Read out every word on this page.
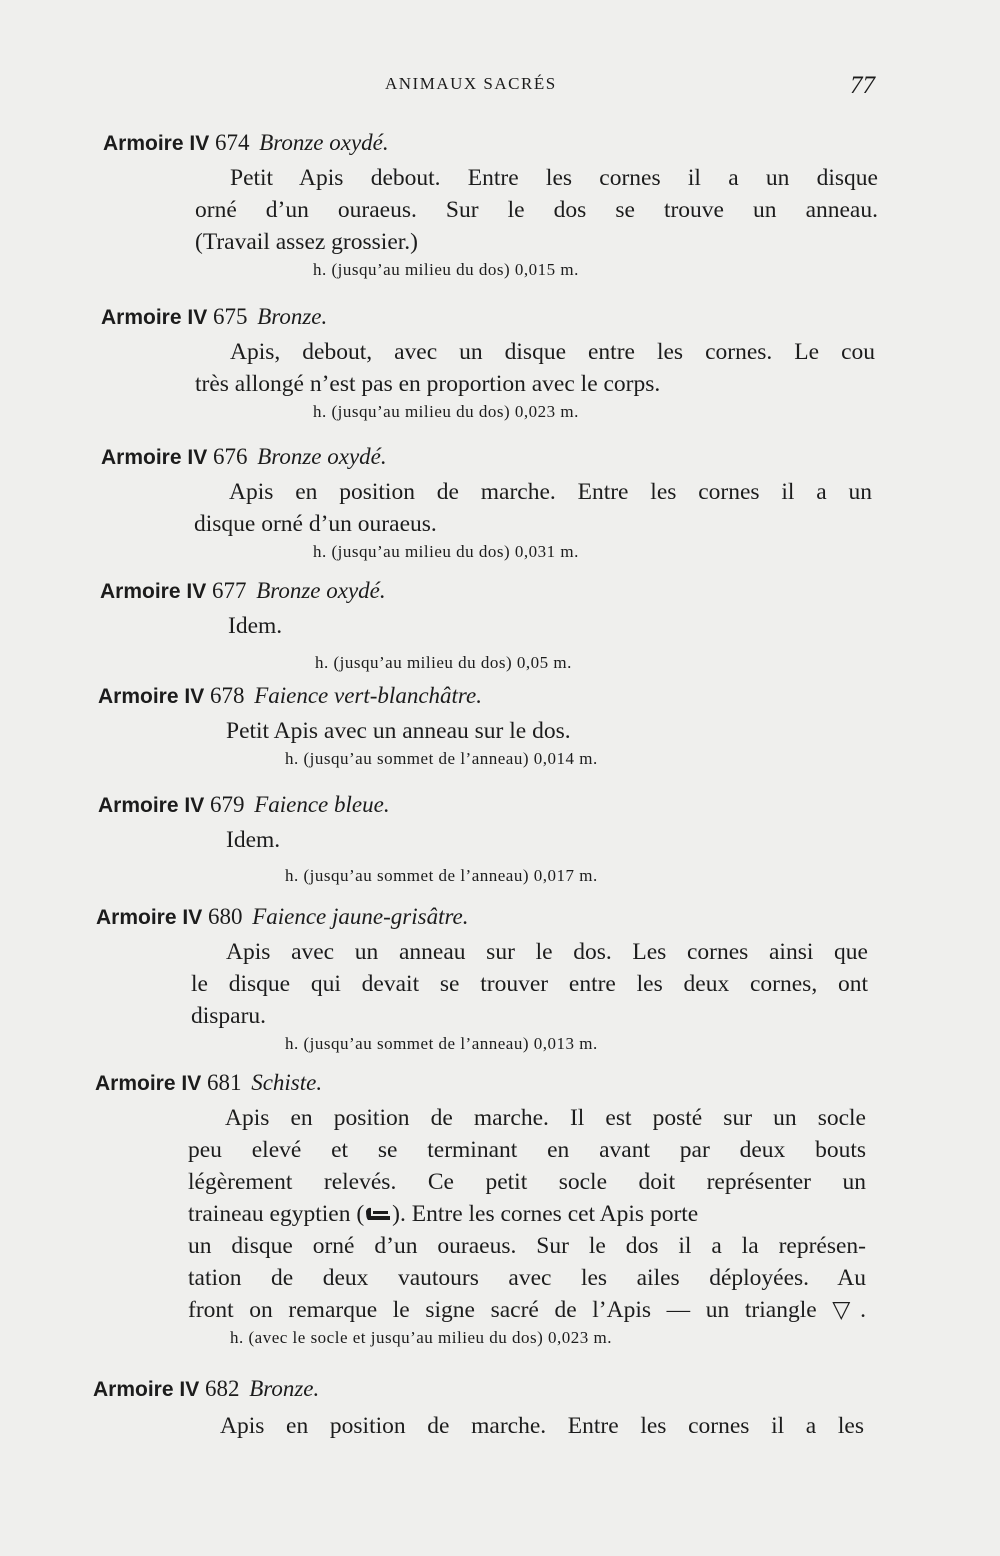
ANIMAUX SACRÉS	77
Armoire IV 674 Bronze oxydé.
Petit Apis debout. Entre les cornes il a un disque
orné d’un ouraeus. Sur le dos se trouve un anneau.
(Travail assez grossier.)
h. (jusqu’au milieu du dos) 0,015 m.
Armoire IV 675 Bronze.
Apis, debout, avec un disque entre les cornes. Le cou
très allongé n’est pas en proportion avec le corps.
h. (jusqu’au milieu du dos) 0,023 m.
Armoire IV 676 Bronze oxydé.
Apis en position de marche. Entre les cornes il a un
disque orné d’un ouraeus.
h. (jusqu’au milieu du dos) 0,031 m.
Armoire IV 677 Bronze oxydé.
Idem.
h. (jusqu’au milieu du dos) 0,05 m.
Armoire IV 678 Faience vert-blanchâtre.
Petit Apis avec un anneau sur le dos.
h. (jusqu’au sommet de l’anneau) 0,014 m.
Armoire IV 679 Faience bleue.
Idem.
h. (jusqu’au sommet de l’anneau) 0,017 m.
Armoire IV 680 Faience jaune-grisâtre.
Apis avec un anneau sur le dos. Les cornes ainsi que
le disque qui devait se trouver entre les deux cornes, ont
disparu.
h. (jusqu’au sommet de l’anneau) 0,013 m.
Armoire IV 681 Schiste.
Apis en position de marche. Il est posté sur un socle
peu elevé et se terminant en avant par deux bouts
légèrement relevés. Ce petit socle doit représenter un
traineau egyptien ( ). Entre les cornes cet Apis porte
un disque orné d’un ouraeus. Sur le dos il a la représen-
tation de deux vautours avec les ailes déployées. Au
front on remarque le signe sacré de l’Apis — un triangle ▽.
h. (avec le socle et jusqu’au milieu du dos) 0,023 m.
Armoire IV 682 Bronze.
Apis en position de marche. Entre les cornes il a les
